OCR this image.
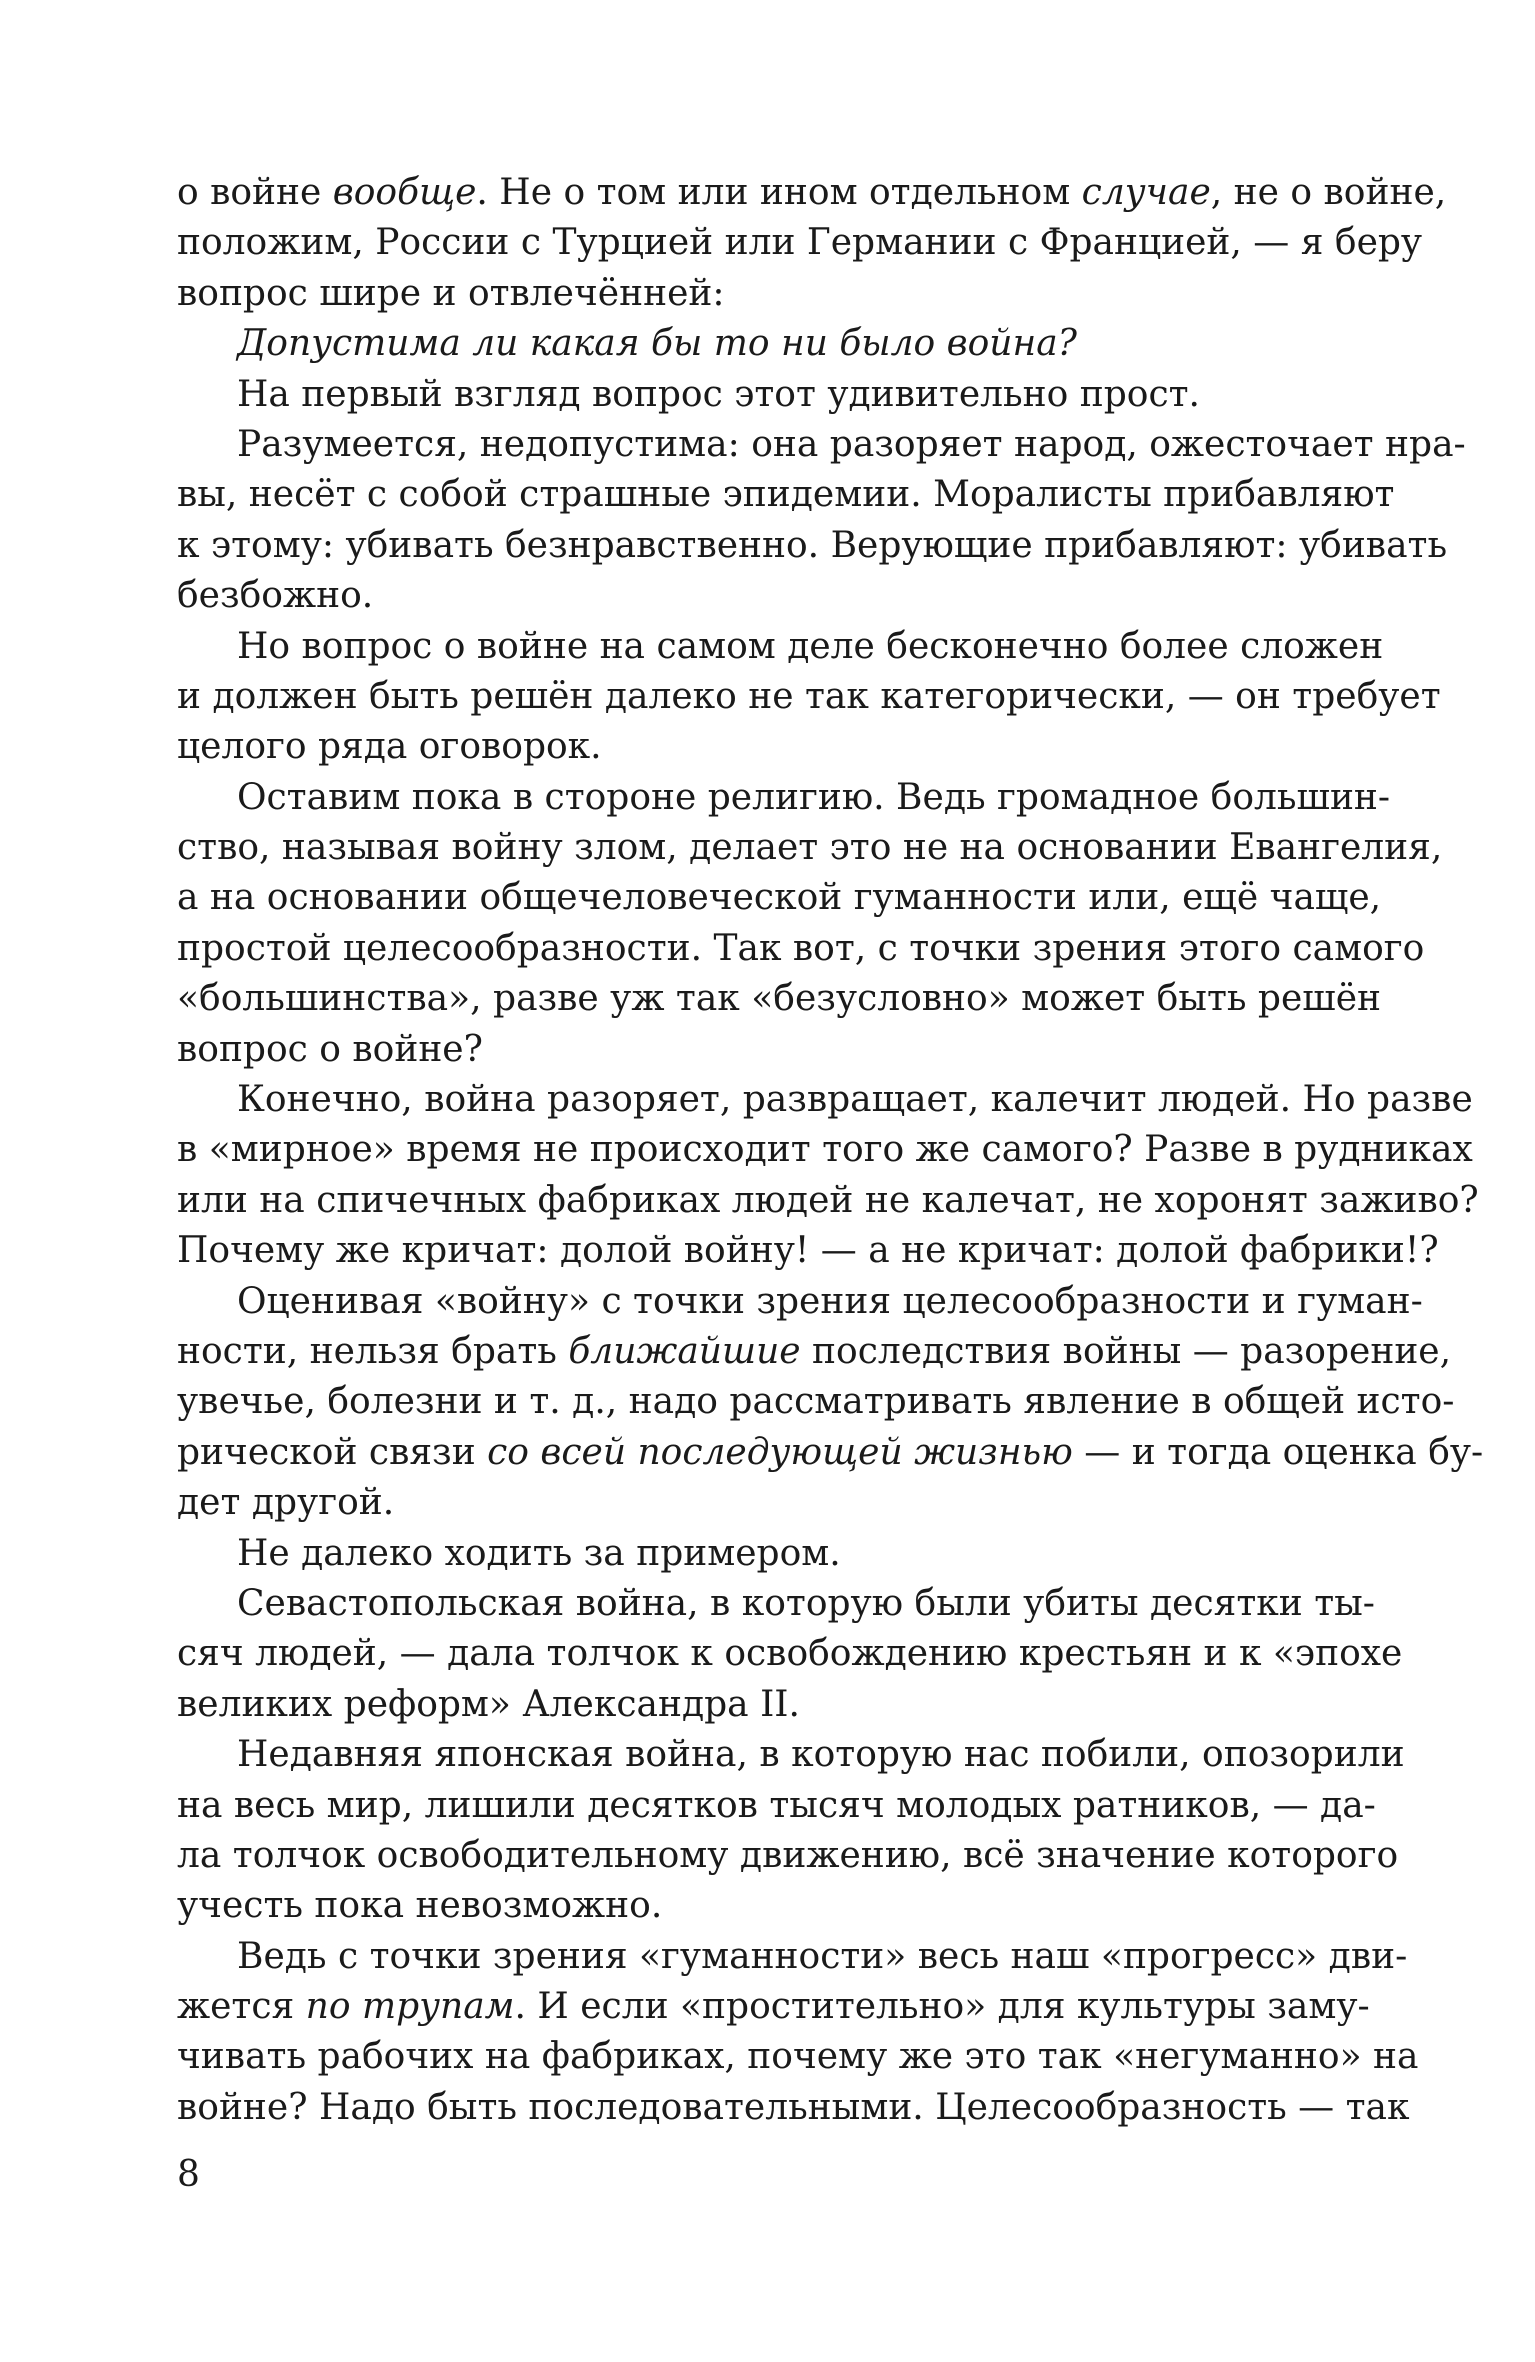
о войне вообще. Не о том или ином отдельном случае, не о войне,
положим, России с Турцией или Германии с Францией, — я беру
вопрос шире и отвлечённей:
Допустима ли какая бы то ни было война?
На первый взгляд вопрос этот удивительно прост.
Разумеется, недопустима: она разоряет народ, ожесточает нра-
вы, несёт с собой страшные эпидемии. Моралисты прибавляют
к этому: убивать безнравственно. Верующие прибавляют: убивать
безбожно.
Но вопрос о войне на самом деле бесконечно более сложен
и должен быть решён далеко не так категорически, — он требует
целого ряда оговорок.
Оставим пока в стороне религию. Ведь громадное большин-
ство, называя войну злом, делает это не на основании Евангелия,
а на основании общечеловеческой гуманности или, ещё чаще,
простой целесообразности. Так вот, с точки зрения этого самого
«большинства», разве уж так «безусловно» может быть решён
вопрос о войне?
Конечно, война разоряет, развращает, калечит людей. Но разве
в «мирное» время не происходит того же самого? Разве в рудниках
или на спичечных фабриках людей не калечат, не хоронят заживо?
Почему же кричат: долой войну! — а не кричат: долой фабрики!?
Оценивая «войну» с точки зрения целесообразности и гуман-
ности, нельзя брать ближайшие последствия войны — разорение,
увечье, болезни и т. д., надо рассматривать явление в общей исто-
рической связи со всей последующей жизнью — и тогда оценка бу-
дет другой.
Не далеко ходить за примером.
Севастопольская война, в которую были убиты десятки ты-
сяч людей, — дала толчок к освобождению крестьян и к «эпохе
великих реформ» Александра II.
Недавняя японская война, в которую нас побили, опозорили
на весь мир, лишили десятков тысяч молодых ратников, — да-
ла толчок освободительному движению, всё значение которого
учесть пока невозможно.
Ведь с точки зрения «гуманности» весь наш «прогресс» дви-
жется по трупам. И если «простительно» для культуры заму-
чивать рабочих на фабриках, почему же это так «негуманно» на
войне? Надо быть последовательными. Целесообразность — так
8
